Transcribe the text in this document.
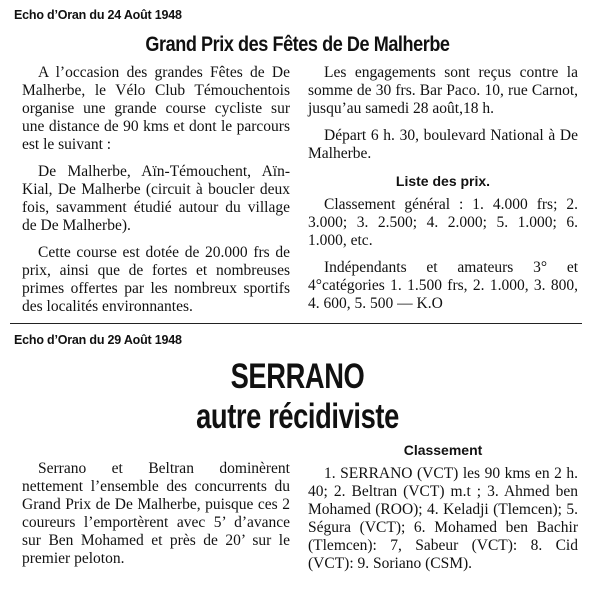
Echo d’Oran du 24 Août 1948
Grand Prix des Fêtes de De Malherbe

A l’occasion des grandes Fêtes de De Malherbe, le Vélo Club Témouchentois organise une grande course cycliste sur une distance de 90 kms et dont le parcours est le suivant :

De Malherbe, Aïn-Témouchent, Aïn-Kial, De Malherbe (circuit à boucler deux fois, savamment étudié autour du village de De Malherbe).

Cette course est dotée de 20.000 frs de prix, ainsi que de fortes et nombreuses primes offertes par les nombreux sportifs des localités environnantes.

Les engagements sont reçus contre la somme de 30 frs. Bar Paco. 10, rue Carnot, jusqu’au samedi 28 août,18 h.

Départ 6 h. 30, boulevard National à De Malherbe.

Liste des prix.

Classement général : 1. 4.000 frs; 2. 3.000; 3. 2.500; 4. 2.000; 5. 1.000; 6. 1.000, etc.

Indépendants et amateurs 3° et 4°catégories 1. 1.500 frs, 2. 1.000, 3. 800, 4. 600, 5. 500 — K.O

Echo d’Oran du 29 Août 1948
SERRANO
autre récidiviste

Serrano et Beltran dominèrent nettement l’ensemble des concurrents du Grand Prix de De Malherbe, puisque ces 2 coureurs l’emportèrent avec 5’ d’avance sur Ben Mohamed et près de 20’ sur le premier peloton.

Classement

1. SERRANO (VCT) les 90 kms en 2 h. 40; 2. Beltran (VCT) m.t ; 3. Ahmed ben Mohamed (ROO); 4. Keladji (Tlemcen); 5. Ségura (VCT); 6. Mohamed ben Bachir (Tlemcen): 7, Sabeur (VCT): 8. Cid (VCT): 9. Soriano (CSM).
